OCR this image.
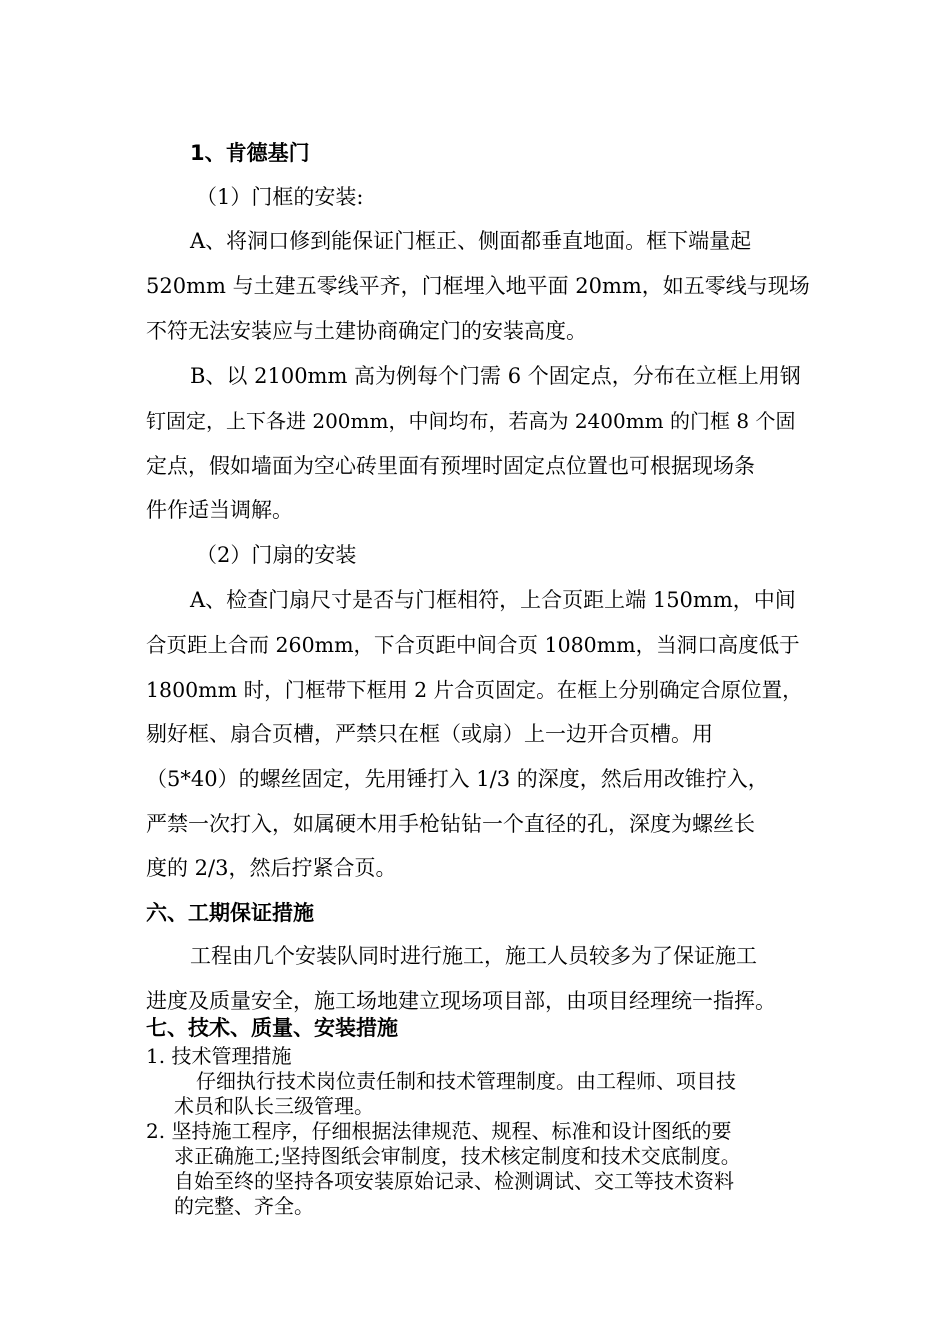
1、肯德基门
（1）门框的安装:
A、将洞口修到能保证门框正、侧面都垂直地面。框下端量起
520mm 与土建五零线平齐，门框埋入地平面 20mm，如五零线与现场
不符无法安装应与土建协商确定门的安装高度。
B、以 2100mm 高为例每个门需 6 个固定点，分布在立框上用钢
钉固定，上下各进 200mm，中间均布，若高为 2400mm 的门框 8 个固
定点，假如墙面为空心砖里面有预埋时固定点位置也可根据现场条
件作适当调解。
（2）门扇的安装
A、检查门扇尺寸是否与门框相符，上合页距上端 150mm，中间
合页距上合而 260mm，下合页距中间合页 1080mm，当洞口高度低于
1800mm 时，门框带下框用 2 片合页固定。在框上分别确定合原位置，
剔好框、扇合页槽，严禁只在框（或扇）上一边开合页槽。用
（5*40）的螺丝固定，先用锤打入 1/3 的深度，然后用改锥拧入，
严禁一次打入，如属硬木用手枪钻钻一个直径的孔，深度为螺丝长
度的 2/3，然后拧紧合页。
六、工期保证措施
工程由几个安装队同时进行施工，施工人员较多为了保证施工
进度及质量安全，施工场地建立现场项目部，由项目经理统一指挥。
七、技术、质量、安装措施
1. 技术管理措施
仔细执行技术岗位责任制和技术管理制度。由工程师、项目技
术员和队长三级管理。
2. 坚持施工程序，仔细根据法律规范、规程、标准和设计图纸的要
求正确施工;坚持图纸会审制度，技术核定制度和技术交底制度。
自始至终的坚持各项安装原始记录、检测调试、交工等技术资料
的完整、齐全。
